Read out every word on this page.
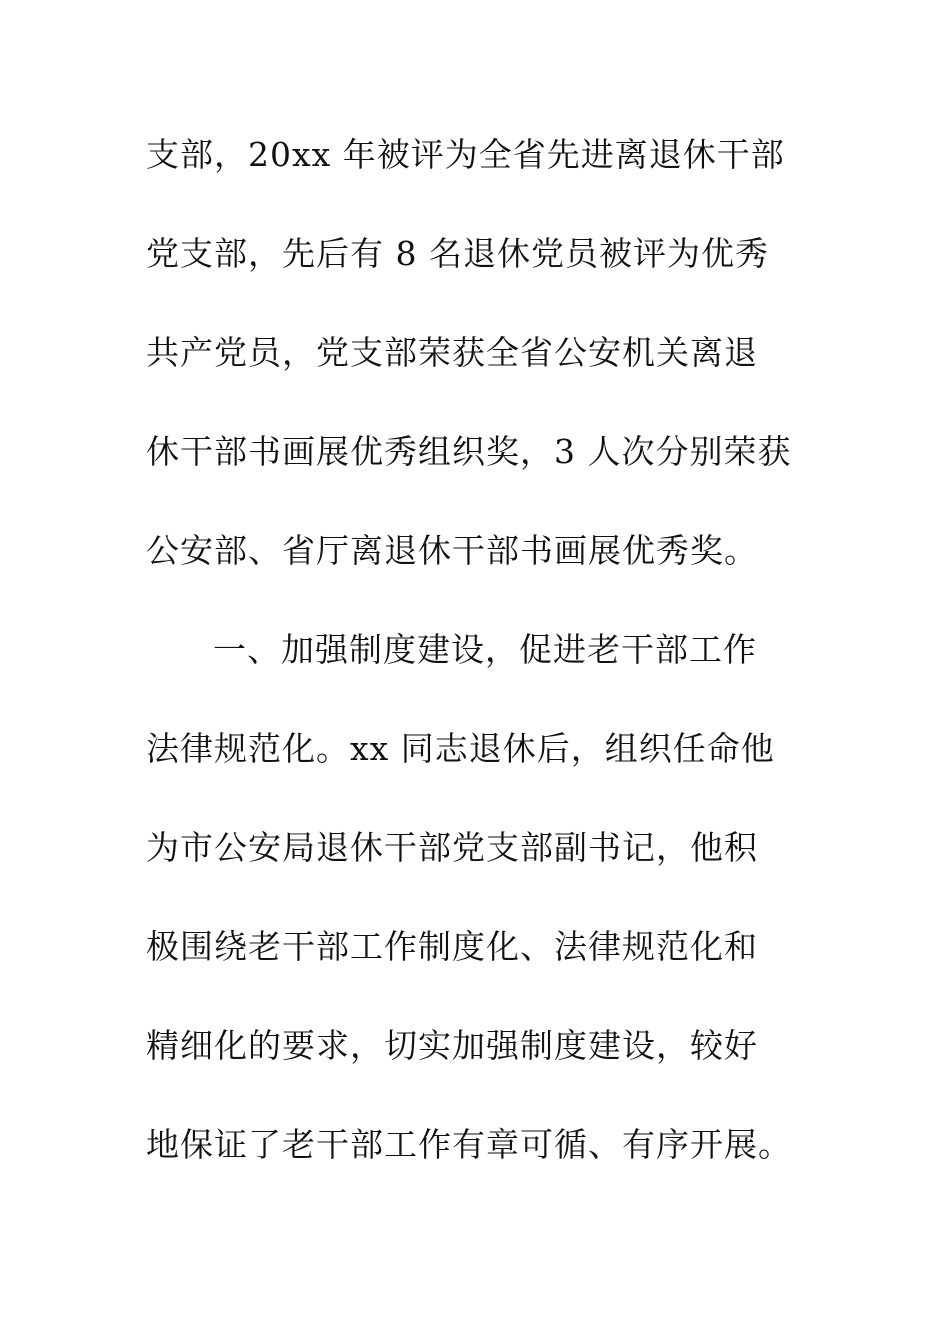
支部，20xx 年被评为全省先进离退休干部
党支部，先后有 8 名退休党员被评为优秀
共产党员，党支部荣获全省公安机关离退
休干部书画展优秀组织奖，3 人次分别荣获
公安部、省厅离退休干部书画展优秀奖。
一、加强制度建设，促进老干部工作
法律规范化。xx 同志退休后，组织任命他
为市公安局退休干部党支部副书记，他积
极围绕老干部工作制度化、法律规范化和
精细化的要求，切实加强制度建设，较好
地保证了老干部工作有章可循、有序开展。
